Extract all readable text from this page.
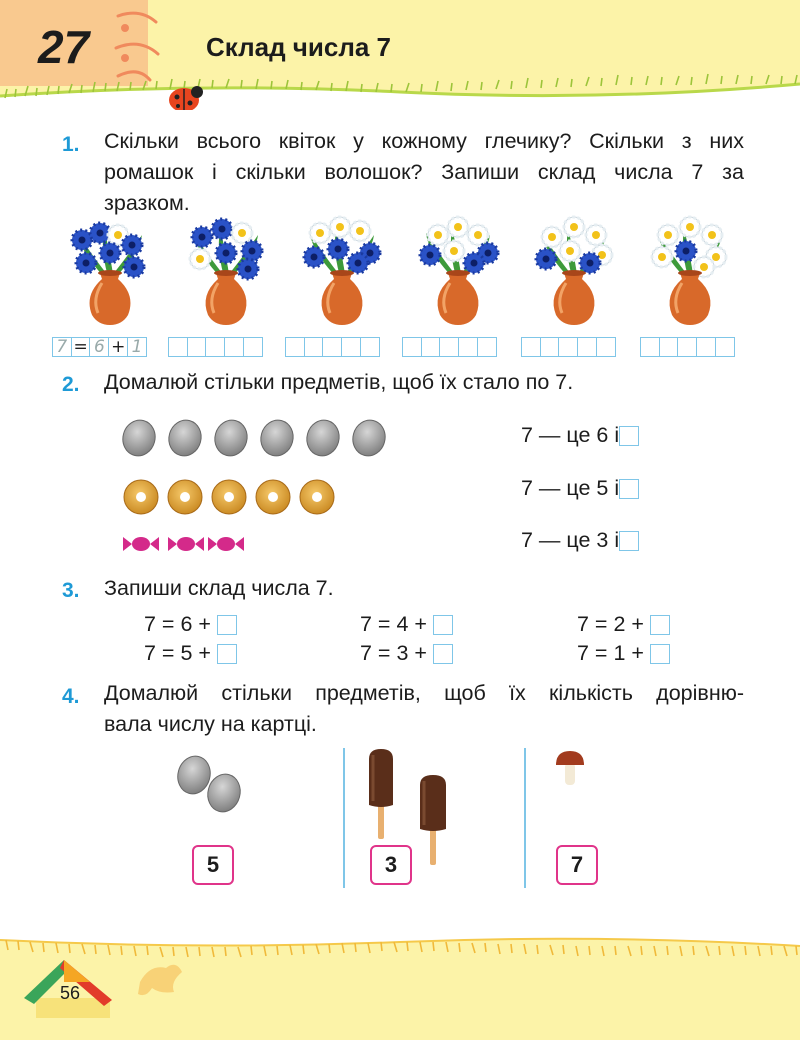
27	Склад числа 7
1. Скільки всього квіток у кожному глечику? Скільки з них
ромашок і скільки волошок? Запиши склад числа 7 за
зразком.
7 = 6 + 1
2. Домалюй стільки предметів, щоб їх стало по 7.
7 — це 6 і
7 — це 5 і
7 — це 3 і
3. Запиши склад числа 7.
7 = 6 +	7 = 4 +	7 = 2 +
7 = 5 +	7 = 3 +	7 = 1 +
4. Домалюй стільки предметів, щоб їх кількість дорівню-
вала числу на картці.
5	3	7
56
